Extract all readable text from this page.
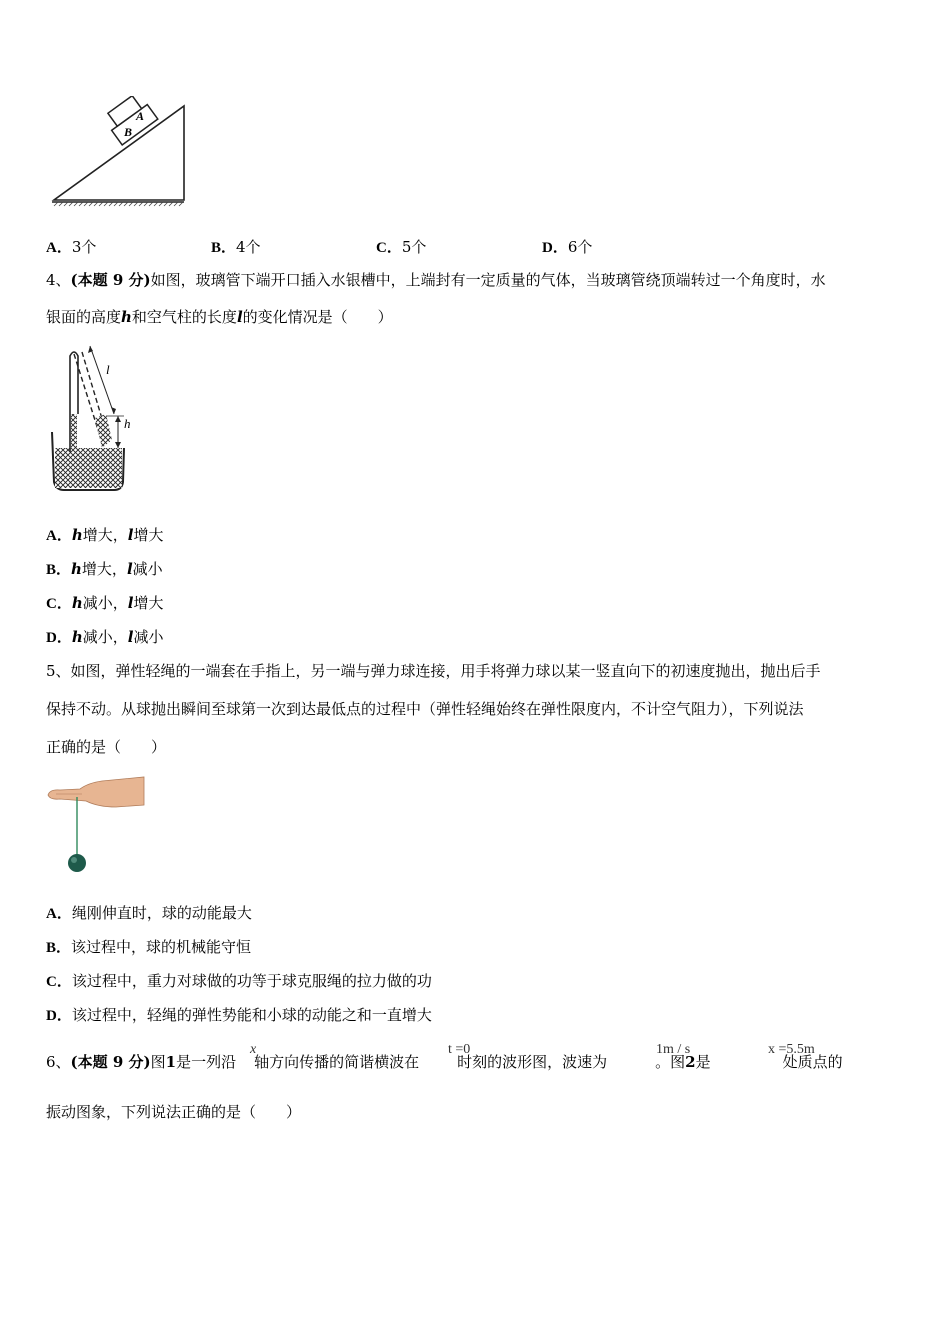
A
B
A．3个	B．4个	C．5个	D．6个
4、(本题 9 分)如图，玻璃管下端开口插入水银槽中，上端封有一定质量的气体，当玻璃管绕顶端转过一个角度时，水
银面的高度h和空气柱的长度l的变化情况是（　　）
l
h
A．h增大，l增大
B．h增大，l减小
C．h减小，l增大
D．h减小，l减小
5、如图，弹性轻绳的一端套在手指上，另一端与弹力球连接，用手将弹力球以某一竖直向下的初速度抛出，抛出后手
保持不动。从球抛出瞬间至球第一次到达最低点的过程中（弹性轻绳始终在弹性限度内，不计空气阻力），下列说法
正确的是（　　）
A．绳刚伸直时，球的动能最大
B．该过程中，球的机械能守恒
C．该过程中，重力对球做的功等于球克服绳的拉力做的功
D．该过程中，轻绳的弹性势能和小球的动能之和一直增大
6、(本题 9 分)图1是一列沿 轴方向传播的简谐横波在	时刻的波形图，波速为	。图2是	处质点的
x	t =0	1m / s	x =5.5m
振动图象，下列说法正确的是（　　）
